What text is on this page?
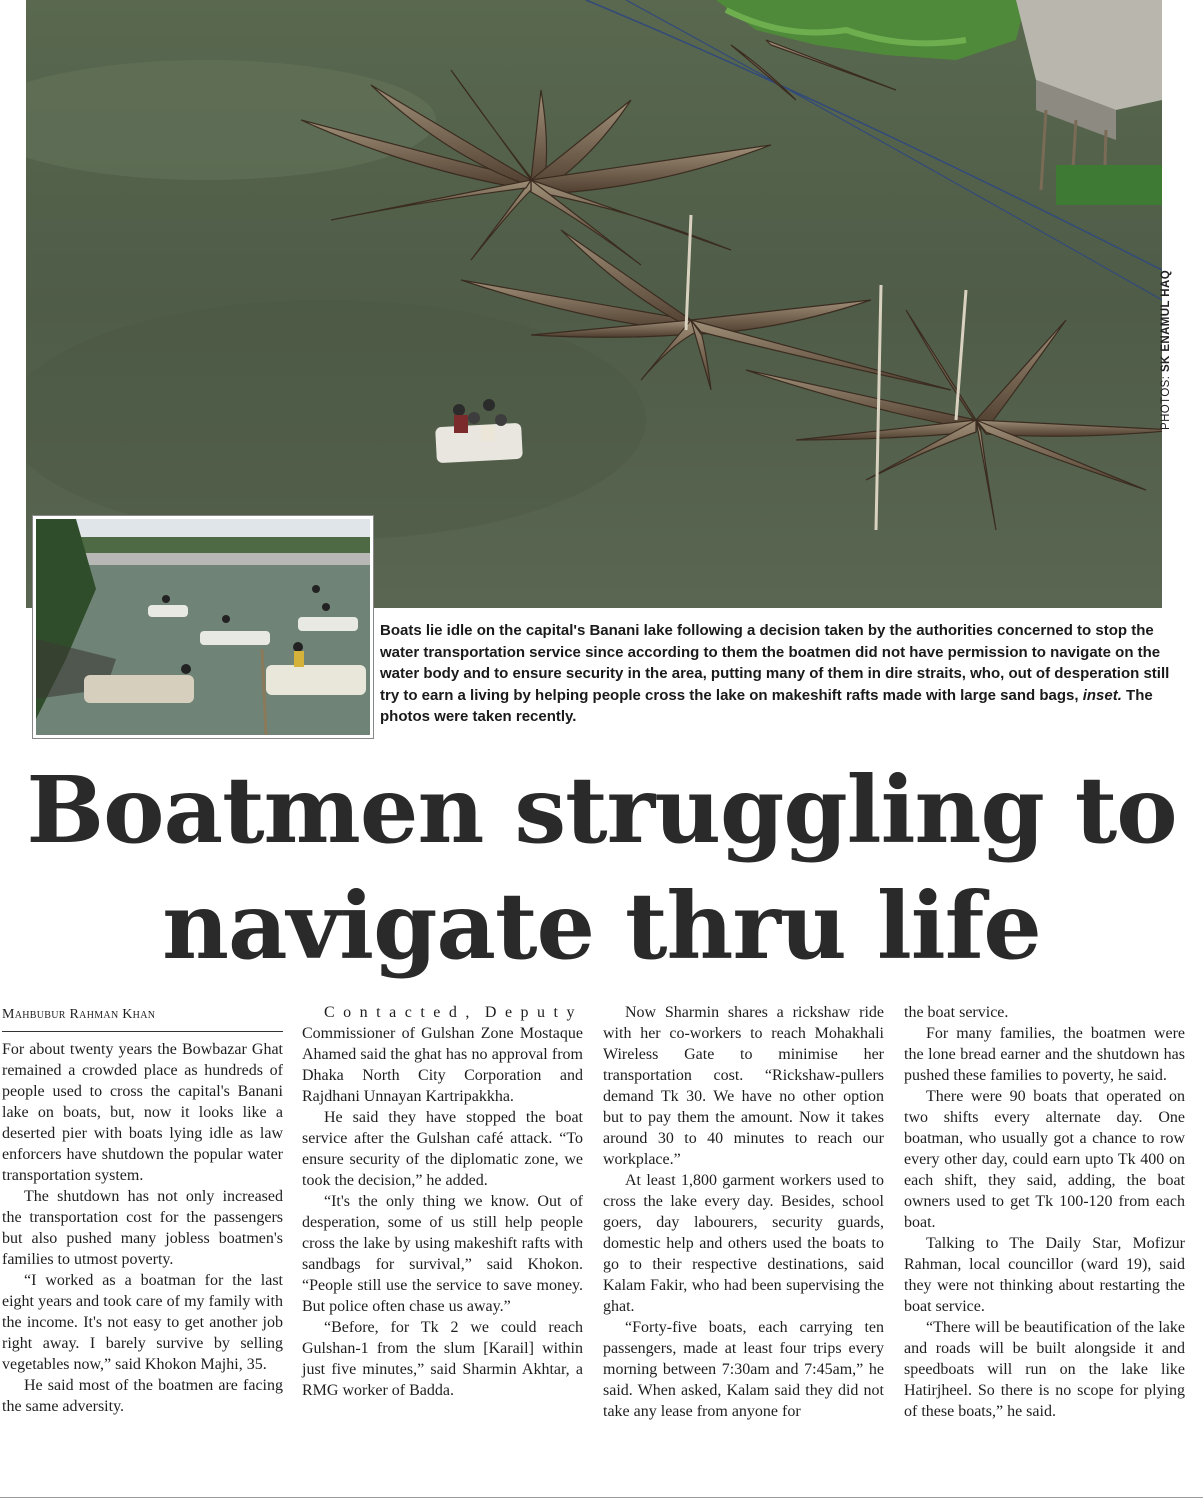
PHOTOS: SK ENAMUL HAQ
Boats lie idle on the capital's Banani lake following a decision taken by the authorities concerned to stop the water transportation service since according to them the boatmen did not have permission to navigate on the water body and to ensure security in the area, putting many of them in dire straits, who, out of desperation still try to earn a living by helping people cross the lake on makeshift rafts made with large sand bags, inset. The photos were taken recently.
Boatmen struggling to
navigate thru life
Mahbubur Rahman Khan

For about twenty years the Bowbazar Ghat remained a crowded place as hundreds of people used to cross the capital's Banani lake on boats, but, now it looks like a deserted pier with boats lying idle as law enforcers have shutdown the popular water transportation system.

The shutdown has not only increased the transportation cost for the passengers but also pushed many jobless boatmen's families to utmost poverty.

“I worked as a boatman for the last eight years and took care of my family with the income. It's not easy to get another job right away. I barely survive by selling vegetables now,” said Khokon Majhi, 35.

He said most of the boatmen are facing the same adversity.

Contacted, Deputy

Commissioner of Gulshan Zone Mostaque Ahamed said the ghat has no approval from Dhaka North City Corporation and Rajdhani Unnayan Kartripakkha.

He said they have stopped the boat service after the Gulshan café attack. “To ensure security of the diplomatic zone, we took the decision,” he added.

“It's the only thing we know. Out of desperation, some of us still help people cross the lake by using makeshift rafts with sandbags for survival,” said Khokon. “People still use the service to save money. But police often chase us away.”

“Before, for Tk 2 we could reach Gulshan-1 from the slum [Karail] within just five minutes,” said Sharmin Akhtar, a RMG worker of Badda.

Now Sharmin shares a rickshaw ride with her co-workers to reach Mohakhali Wireless Gate to minimise her transportation cost. “Rickshaw-pullers demand Tk 30. We have no other option but to pay them the amount. Now it takes around 30 to 40 minutes to reach our workplace.”

At least 1,800 garment workers used to cross the lake every day. Besides, school goers, day labourers, security guards, domestic help and others used the boats to go to their respective destinations, said Kalam Fakir, who had been supervising the ghat.

“Forty-five boats, each carrying ten passengers, made at least four trips every morning between 7:30am and 7:45am,” he said. When asked, Kalam said they did not take any lease from anyone for

the boat service.

For many families, the boatmen were the lone bread earner and the shutdown has pushed these families to poverty, he said.

There were 90 boats that operated on two shifts every alternate day. One boatman, who usually got a chance to row every other day, could earn upto Tk 400 on each shift, they said, adding, the boat owners used to get Tk 100-120 from each boat.

Talking to The Daily Star, Mofizur Rahman, local councillor (ward 19), said they were not thinking about restarting the boat service.

“There will be beautification of the lake and roads will be built alongside it and speedboats will run on the lake like Hatirjheel. So there is no scope for plying of these boats,” he said.
